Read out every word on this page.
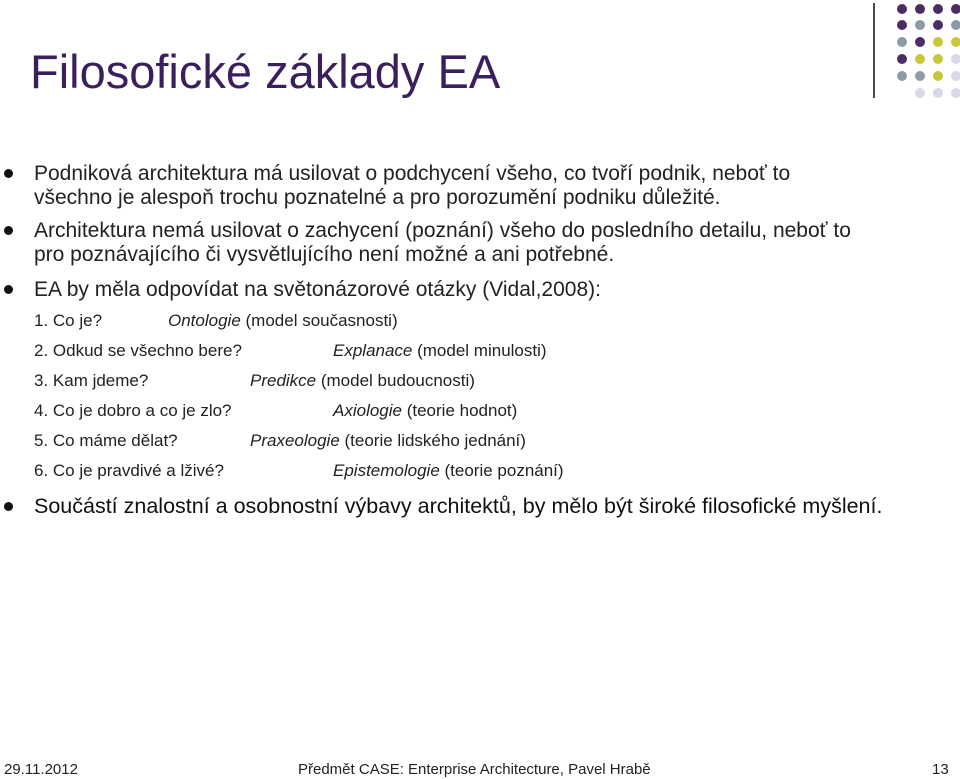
Filosofické základy EA
Podniková architektura má usilovat o podchycení všeho, co tvoří podnik, neboť to
všechno je alespoň trochu poznatelné a pro porozumění podniku důležité.
Architektura nemá usilovat o zachycení (poznání) všeho do posledního detailu, neboť to
pro poznávajícího či vysvětlujícího není možné a ani potřebné.
EA by měla odpovídat na světonázorové otázky (Vidal,2008):
1. Co je?	Ontologie (model současnosti)
2. Odkud se všechno bere?	Explanace (model minulosti)
3. Kam jdeme?	Predikce (model budoucnosti)
4. Co je dobro a co je zlo?	Axiologie (teorie hodnot)
5. Co máme dělat?	Praxeologie (teorie lidského jednání)
6. Co je pravdivé a lživé?	Epistemologie (teorie poznání)
Součástí znalostní a osobnostní výbavy architektů, by mělo být široké filosofické myšlení.
29.11.2012	Předmět CASE: Enterprise Architecture, Pavel Hrabě	13
